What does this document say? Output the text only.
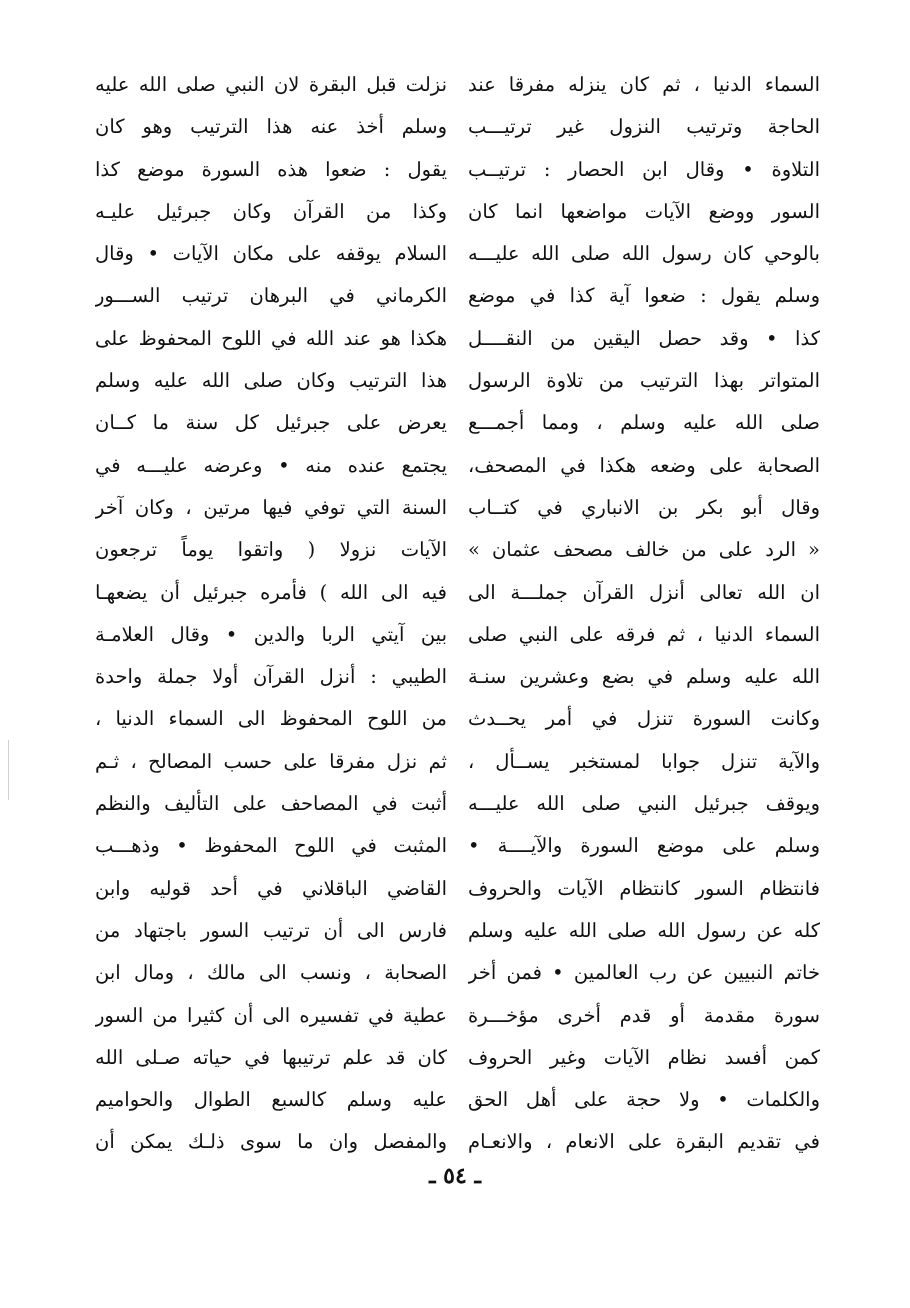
السماء الدنيا ، ثم كان ينزله مفرقا عند
الحاجة وترتيب النزول غير ترتيـــب
التلاوة • وقال ابن الحصار : ترتيــب
السور ووضع الآيات مواضعها انما كان
بالوحي كان رسول الله صلى الله عليـــه
وسلم يقول : ضعوا آية كذا في موضع
كذا • وقد حصل اليقين من النقــــل
المتواتر بهذا الترتيب من تلاوة الرسول
صلى الله عليه وسلم ، ومما أجمـــع
الصحابة على وضعه هكذا في المصحف،
وقال أبو بكر بن الانباري في كتــاب
« الرد على من خالف مصحف عثمان »
ان الله تعالى أنزل القرآن جملـــة الى
السماء الدنيا ، ثم فرقه على النبي صلى
الله عليه وسلم في بضع وعشرين سنـة
وكانت السورة تنزل في أمر يحــدث
والآية تنزل جوابا لمستخبر يســأل ،
ويوقف جبرئيل النبي صلى الله عليـــه
وسلم على موضع السورة والآيــــة •
فانتظام السور كانتظام الآيات والحروف
كله عن رسول الله صلى الله عليه وسلم
خاتم النبيين عن رب العالمين • فمن أخر
سورة مقدمة أو قدم أخرى مؤخـــرة
كمن أفسد نظام الآيات وغير الحروف
والكلمات • ولا حجة على أهل الحق
في تقديم البقرة على الانعام ، والانعـام
نزلت قبل البقرة لان النبي صلى الله عليه
وسلم أخذ عنه هذا الترتيب وهو كان
يقول : ضعوا هذه السورة موضع كذا
وكذا من القرآن وكان جبرئيل عليـه
السلام يوقفه على مكان الآيات • وقال
الكرماني في البرهان ترتيب الســـور
هكذا هو عند الله في اللوح المحفوظ على
هذا الترتيب وكان صلى الله عليه وسلم
يعرض على جبرئيل كل سنة ما كــان
يجتمع عنده منه • وعرضه عليـــه في
السنة التي توفي فيها مرتين ، وكان آخر
الآيات نزولا ( واتقوا يوماً ترجعون
فيه الى الله ) فأمره جبرئيل أن يضعهـا
بين آيتي الربا والدين • وقال العلامـة
الطيبي : أنزل القرآن أولا جملة واحدة
من اللوح المحفوظ الى السماء الدنيا ،
ثم نزل مفرقا على حسب المصالح ، ثـم
أثبت في المصاحف على التأليف والنظم
المثبت في اللوح المحفوظ • وذهـــب
القاضي الباقلاني في أحد قوليه وابن
فارس الى أن ترتيب السور باجتهاد من
الصحابة ، ونسب الى مالك ، ومال ابن
عطية في تفسيره الى أن كثيرا من السور
كان قد علم ترتيبها في حياته صـلى الله
عليه وسلم كالسبع الطوال والحواميم
والمفصل وان ما سوى ذلـك يمكن أن
ـ ٥٤ ـ
